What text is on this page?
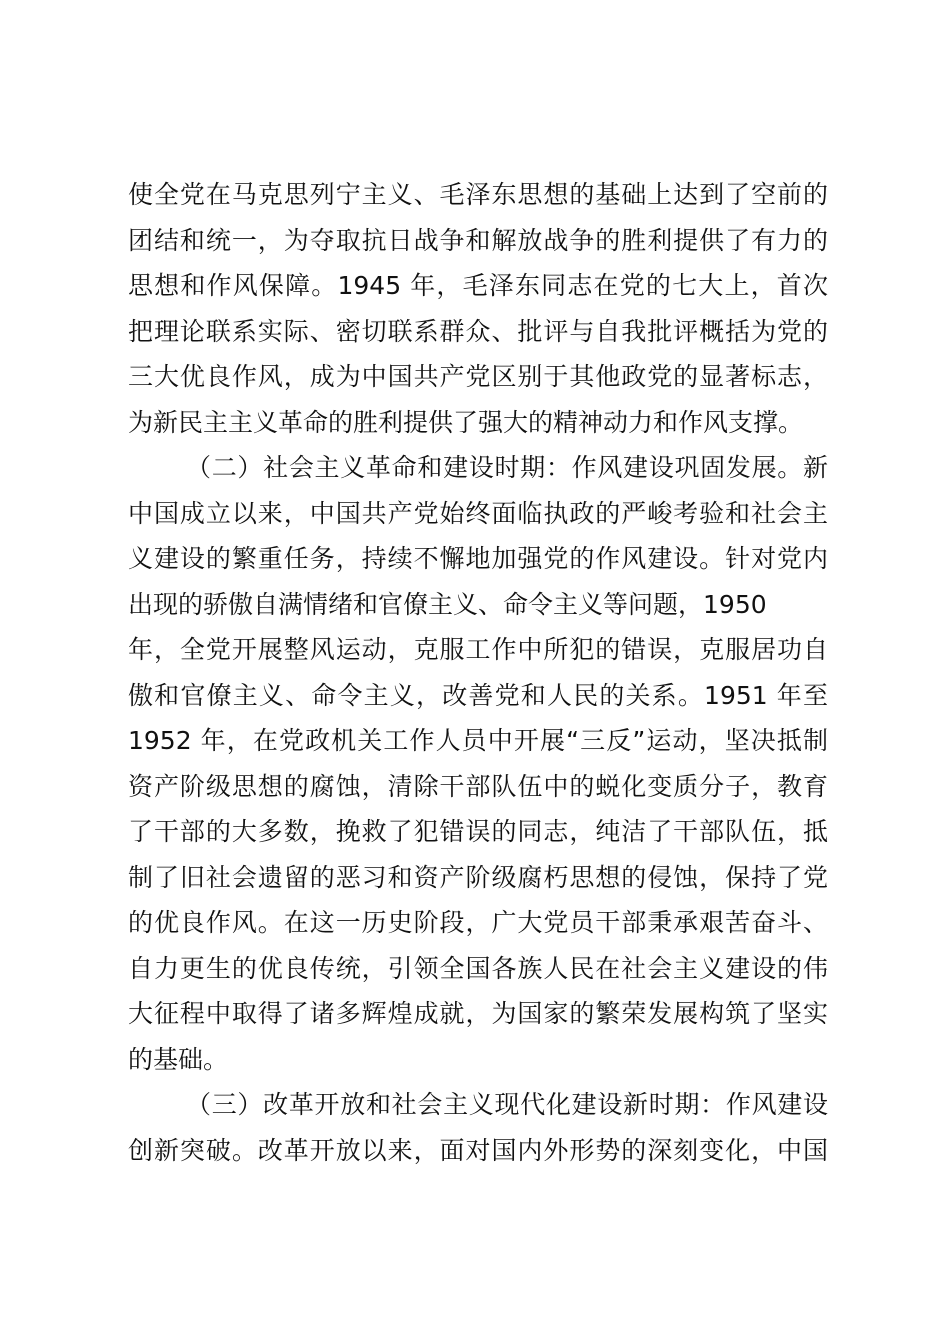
使全党在马克思列宁主义、毛泽东思想的基础上达到了空前的
团结和统一，为夺取抗日战争和解放战争的胜利提供了有力的
思想和作风保障。1945 年，毛泽东同志在党的七大上，首次
把理论联系实际、密切联系群众、批评与自我批评概括为党的
三大优良作风，成为中国共产党区别于其他政党的显著标志，
为新民主主义革命的胜利提供了强大的精神动力和作风支撑。
（二）社会主义革命和建设时期：作风建设巩固发展。新
中国成立以来，中国共产党始终面临执政的严峻考验和社会主
义建设的繁重任务，持续不懈地加强党的作风建设。针对党内
出现的骄傲自满情绪和官僚主义、命令主义等问题，1950
年，全党开展整风运动，克服工作中所犯的错误，克服居功自
傲和官僚主义、命令主义，改善党和人民的关系。1951 年至
1952 年，在党政机关工作人员中开展“三反”运动，坚决抵制
资产阶级思想的腐蚀，清除干部队伍中的蜕化变质分子，教育
了干部的大多数，挽救了犯错误的同志，纯洁了干部队伍，抵
制了旧社会遗留的恶习和资产阶级腐朽思想的侵蚀，保持了党
的优良作风。在这一历史阶段，广大党员干部秉承艰苦奋斗、
自力更生的优良传统，引领全国各族人民在社会主义建设的伟
大征程中取得了诸多辉煌成就，为国家的繁荣发展构筑了坚实
的基础。
（三）改革开放和社会主义现代化建设新时期：作风建设
创新突破。改革开放以来，面对国内外形势的深刻变化，中国
